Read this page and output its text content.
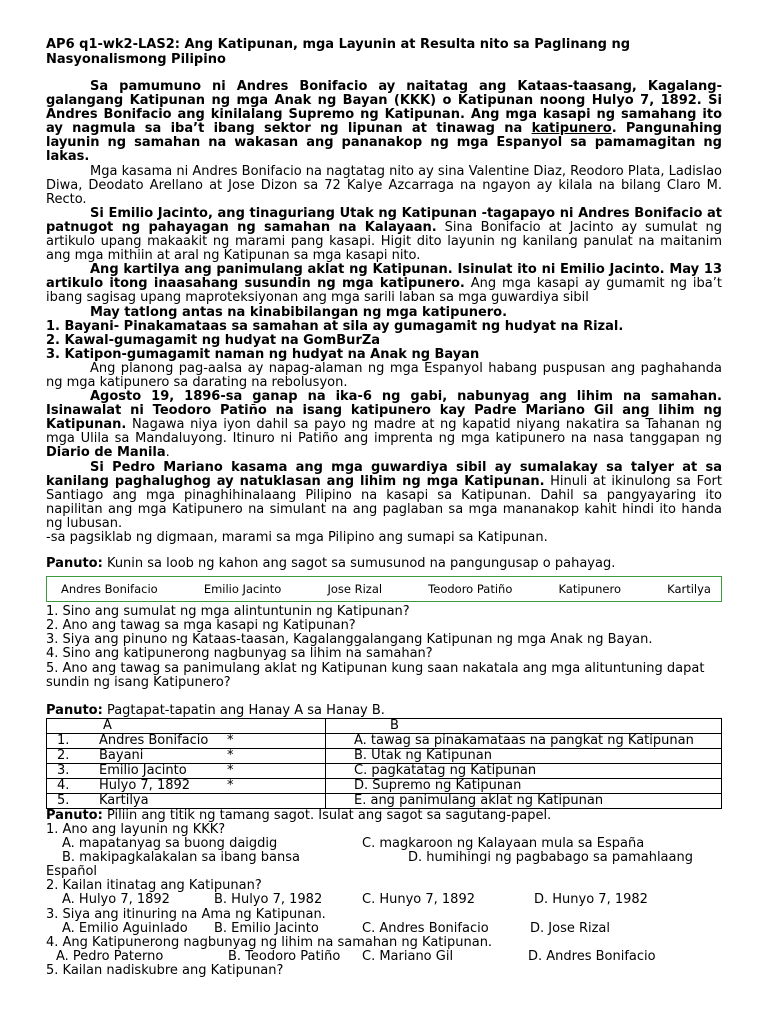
AP6 q1-wk2-LAS2: Ang Katipunan, mga Layunin at Resulta nito sa Paglinang ng Nasyonalismong Pilipino

Sa pamumuno ni Andres Bonifacio ay naitatag ang Kataas-taasang, Kagalang-galangang Katipunan ng mga Anak ng Bayan (KKK) o Katipunan noong Hulyo 7, 1892. Si Andres Bonifacio ang kinilalang Supremo ng Katipunan. Ang mga kasapi ng samahang ito ay nagmula sa iba’t ibang sektor ng lipunan at tinawag na katipunero. Pangunahing layunin ng samahan na wakasan ang pananakop ng mga Espanyol sa pamamagitan ng lakas.

Mga kasama ni Andres Bonifacio na nagtatag nito ay sina Valentine Diaz, Reodoro Plata, Ladislao Diwa, Deodato Arellano at Jose Dizon sa 72 Kalye Azcarraga na ngayon ay kilala na bilang Claro M. Recto.

Si Emilio Jacinto, ang tinaguriang Utak ng Katipunan -tagapayo ni Andres Bonifacio at patnugot ng pahayagan ng samahan na Kalayaan. Sina Bonifacio at Jacinto ay sumulat ng artikulo upang makaakit ng marami pang kasapi. Higit dito layunin ng kanilang panulat na maitanim ang mga mithiin at aral ng Katipunan sa mga kasapi nito.

Ang kartilya ang panimulang aklat ng Katipunan. Isinulat ito ni Emilio Jacinto. May 13 artikulo itong inaasahang susundin ng mga katipunero. Ang mga kasapi ay gumamit ng iba’t ibang sagisag upang maproteksiyonan ang mga sarili laban sa mga guwardiya sibil

May tatlong antas na kinabibilangan ng mga katipunero.

1. Bayani- Pinakamataas sa samahan at sila ay gumagamit ng hudyat na Rizal.

2. Kawal-gumagamit ng hudyat na GomBurZa

3. Katipon-gumagamit naman ng hudyat na Anak ng Bayan

Ang planong pag-aalsa ay napag-alaman ng mga Espanyol habang puspusan ang paghahanda ng mga katipunero sa darating na rebolusyon.

Agosto 19, 1896-sa ganap na ika-6 ng gabi, nabunyag ang lihim na samahan. Isinawalat ni Teodoro Patiño na isang katipunero kay Padre Mariano Gil ang lihim ng Katipunan. Nagawa niya iyon dahil sa payo ng madre at ng kapatid niyang nakatira sa Tahanan ng mga Ulila sa Mandaluyong. Itinuro ni Patiño ang imprenta ng mga katipunero na nasa tanggapan ng Diario de Manila.

Si Pedro Mariano kasama ang mga guwardiya sibil ay sumalakay sa talyer at sa kanilang paghalughog ay natuklasan ang lihim ng mga Katipunan. Hinuli at ikinulong sa Fort Santiago ang mga pinaghihinalaang Pilipino na kasapi sa Katipunan. Dahil sa pangyayaring ito napilitan ang mga Katipunero na simulant na ang paglaban sa mga mananakop kahit hindi ito handa ng lubusan.

-sa pagsiklab ng digmaan, marami sa mga Pilipino ang sumapi sa Katipunan.

Panuto: Kunin sa loob ng kahon ang sagot sa sumusunod na pangungusap o pahayag.

Andres Bonifacio	Emilio Jacinto	Jose Rizal	Teodoro Patiño	Katipunero	Kartilya

1. Sino ang sumulat ng mga alintuntunin ng Katipunan?

2. Ano ang tawag sa mga kasapi ng Katipunan?

3. Siya ang pinuno ng Kataas-taasan, Kagalanggalangang Katipunan ng mga Anak ng Bayan.

4. Sino ang katipunerong nagbunyag sa lihim na samahan?

5. Ano ang tawag sa panimulang aklat ng Katipunan kung saan nakatala ang mga alituntuning dapat sundin ng isang Katipunero?

Panuto: Pagtapat-tapatin ang Hanay A sa Hanay B.

A	B
1. Andres Bonifacio *	A. tawag sa pinakamataas na pangkat ng Katipunan
2. Bayani *	B. Utak ng Katipunan
3. Emilio Jacinto *	C. pagkatatag ng Katipunan
4. Hulyo 7, 1892 *	D. Supremo ng Katipunan
5. Kartilya	E. ang panimulang aklat ng Katipunan

Panuto: Piliin ang titik ng tamang sagot. Isulat ang sagot sa sagutang-papel.

1. Ano ang layunin ng KKK?

A. mapatanyag sa buong daigdig	C. magkaroon ng Kalayaan mula sa España
B. makipagkalakalan sa ibang bansa	D. humihingi ng pagbabago sa pamahlaang

Español

2. Kailan itinatag ang Katipunan?

A. Hulyo 7, 1892	B. Hulyo 7, 1982	C. Hunyo 7, 1892	D. Hunyo 7, 1982

3. Siya ang itinuring na Ama ng Katipunan.

A. Emilio Aguinlado B. Emilio Jacinto	C. Andres Bonifacio	D. Jose Rizal

4. Ang Katipunerong nagbunyag ng lihim na samahan ng Katipunan.

A. Pedro Paterno	B. Teodoro Patiño C. Mariano Gil	D. Andres Bonifacio

5. Kailan nadiskubre ang Katipunan?
